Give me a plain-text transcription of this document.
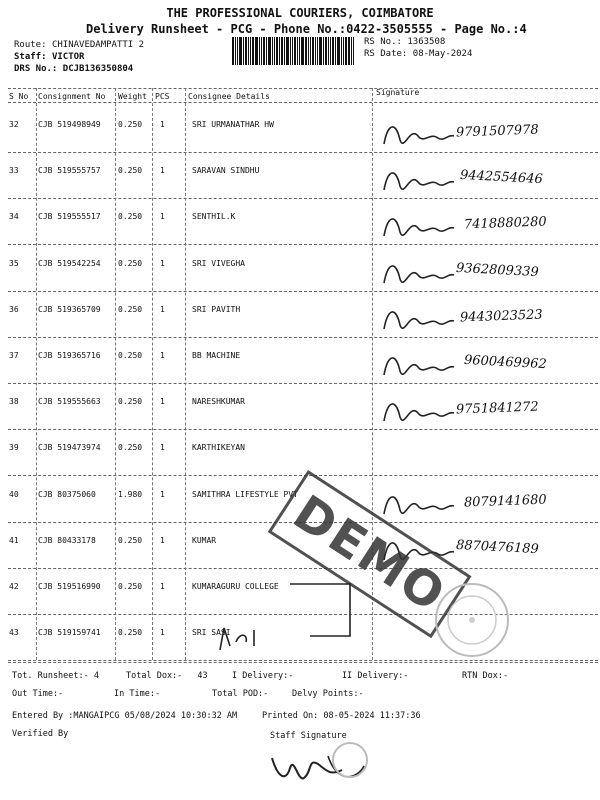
THE PROFESSIONAL COURIERS, COIMBATORE
Delivery Runsheet - PCG - Phone No.:0422-3505555 - Page No.:4
Route: CHINAVEDAMPATTI 2
Staff: VICTOR
DRS No.: DCJB136350804
RS No.: 1363508
RS Date: 08-May-2024
S No Consignment No Weight PCS Consignee Details	Signature
32 CJB 519498949 0.250 1	SRI URMANATHAR HW	9791507978
33 CJB 519555757 0.250 1	SARAVAN SINDHU	9442554646
34 CJB 519555517 0.250 1	SENTHIL.K	7418880280
35 CJB 519542254 0.250 1	SRI VIVEGHA	9362809339
36 CJB 519365709 0.250 1	SRI PAVITH	9443023523
37 CJB 519365716 0.250 1	BB MACHINE	9600469962
38 CJB 519555663 0.250 1	NARESHKUMAR	9751841272
39 CJB 519473974 0.250 1	KARTHIKEYAN
40 CJB 80375060	1.980 1	SAMITHRA LIFESTYLE PVT	8079141680
41 CJB 80433178	0.250 1	KUMAR	8870476189
42 CJB 519516990 0.250 1	KUMARAGURU COLLEGE
43 CJB 519159741 0.250 1	SRI SASI
DEMO
Tot. Runsheet:- 4	Total Dox:- 43	I Delivery:-	II Delivery:-	RTN Dox:-
Out Time:-	In Time:-	Total POD:-	Delvy Points:-
Entered By :MANGAIPCG 05/08/2024 10:30:32 AM	Printed On: 08-05-2024 11:37:36
Verified By	Staff Signature
